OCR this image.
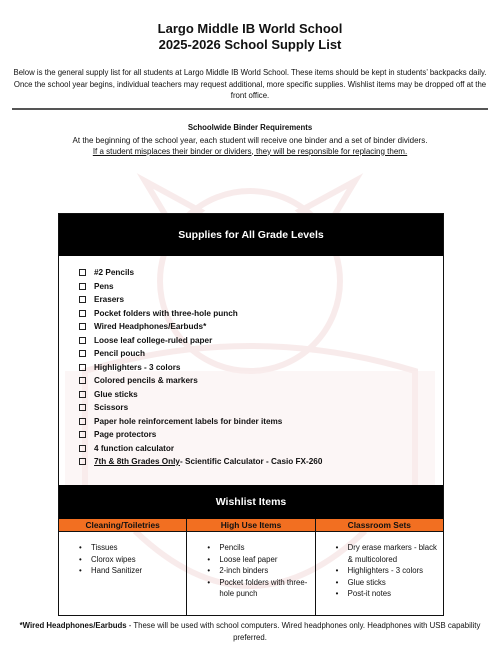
Largo Middle IB World School
2025-2026 School Supply List

Below is the general supply list for all students at Largo Middle IB World School. These items should be kept in students’ backpacks daily. Once the school year begins, individual teachers may request additional, more specific supplies. Wishlist items may be dropped off at the front office.

Schoolwide Binder Requirements
At the beginning of the school year, each student will receive one binder and a set of binder dividers.
If a student misplaces their binder or dividers, they will be responsible for replacing them.
Supplies for All Grade Levels
#2 Pencils
Pens
Erasers
Pocket folders with three-hole punch
Wired Headphones/Earbuds*
Loose leaf college-ruled paper
Pencil pouch
Highlighters - 3 colors
Colored pencils & markers
Glue sticks
Scissors
Paper hole reinforcement labels for binder items
Page protectors
4 function calculator
7th & 8th Grades Only - Scientific Calculator - Casio FX-260
Wishlist Items
Cleaning/Toiletries
• Tissues
• Clorox wipes
• Hand Sanitizer
High Use Items
• Pencils
• Loose leaf paper
• 2-inch binders
• Pocket folders with three-hole punch
Classroom Sets
• Dry erase markers - black & multicolored
• Highlighters - 3 colors
• Glue sticks
• Post-it notes
*Wired Headphones/Earbuds - These will be used with school computers. Wired headphones only. Headphones with USB capability preferred.
